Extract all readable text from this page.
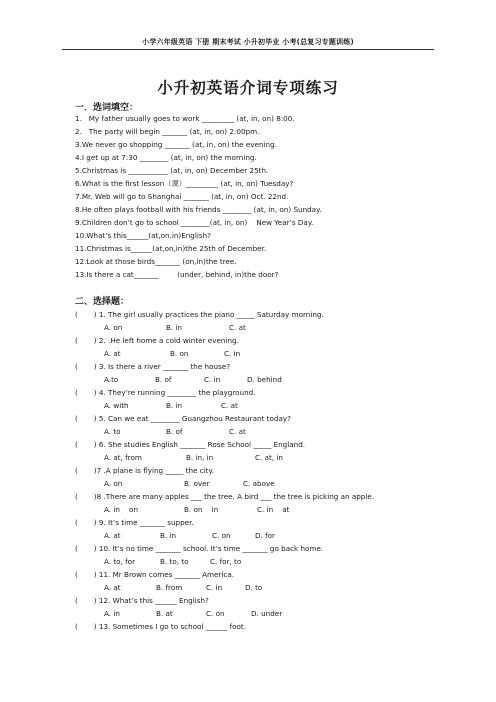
小学六年级英语 下册 期末考试 小升初毕业 小考(总复习专题训练)
小升初英语介词专项练习
一．选词填空：
1.   My father usually goes to work _________ (at, in, on) 8:00.
2.   The party will begin _______ (at, in, on) 2:00pm.
3.We never go shopping _______ (at, in, on) the evening.
4.I get up at 7:30 ________ (at, in, on) the morning.
5.Christmas is ___________ (at, in, on) December 25th.
6.What is the first lesson（课）_________ (at, in, on) Tuesday?
7.Mr. Web will go to Shanghai _______ (at, in, on) Oct. 22nd.
8.He often plays football with his friends ________ (at, in, on) Sunday.
9.Children don’t go to school ________(at, in, on)    New Year’s Day.
10.What’s this______(at,on,in)English?
11.Christmas is______(at,on,in)the 25th of December.
12.Look at those birds_______ (on,in)the tree.
13.Is there a cat_______        (under, behind, in)the door?
二、选择题：
(       ) 1. The girl usually practices the piano _____ Saturday morning.
A. on	B. in	C. at
(       ) 2. .He left home a cold winter evening.
A. at	B. on	C. in
(       ) 3. Is there a river _______ the house?
A.to	B. of	C. in	D. behind
(       ) 4. They’re running ________ the playground.
A. with	B. in	C. at
(       ) 5. Can we eat ________ Guangzhou Restaurant today?
A. to	B. of	C. at
(       ) 6. She studies English _______ Rose School _____ England.
A. at, from	B. in, in	C. at, in
(       )7 .A plane is flying _____ the city.
A. on	B. over	C. above
(       )8 .There are many apples ___ the tree. A bird ___ the tree is picking an apple.
A. in    on	B. on    in	C. in    at
(       ) 9. It’s time _______ supper.
A. at	B. in	C. on	D. for
(       ) 10. It’s no time _______ school. It’s time _______ go back home.
A. to, for	B. to, to	C. for, to
(       ) 11. Mr Brown comes _______ America.
A. at	B. from	C. in	D. to
(       ) 12. What’s this ______ English?
A. in	B. at	C. on	D. under
(       ) 13. Sometimes I go to school ______ foot.
